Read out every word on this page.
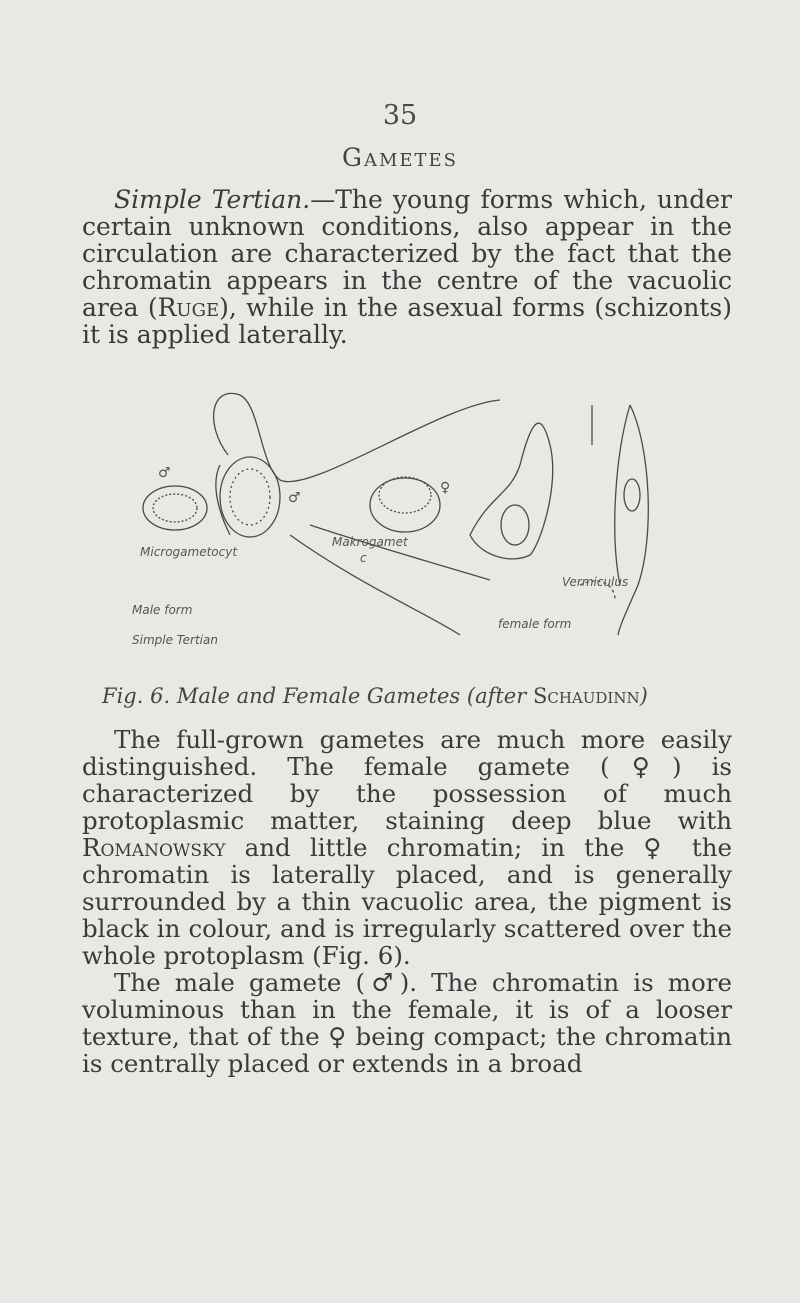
35
Gametes
Simple Tertian.—The young forms which, under certain unknown conditions, also appear in the circulation are characterized by the fact that the chromatin appears in the centre of the vacuolic area (Ruge), while in the asexual forms (schizonts) it is applied laterally.
♂
♀
♂
Microgametocyt
Makrogamet
c
Vermiculus
Male form
Simple Tertian
female form
Fig. 6. Male and Female Gametes (after Schaudinn)

The full-grown gametes are much more easily distinguished. The female gamete (♀) is characterized by the possession of much protoplasmic matter, staining deep blue with Romanowsky and little chromatin; in the ♀ the chromatin is laterally placed, and is generally surrounded by a thin vacuolic area, the pigment is black in colour, and is irregularly scattered over the whole protoplasm (Fig. 6).

The male gamete (♂). The chromatin is more voluminous than in the female, it is of a looser texture, that of the ♀ being compact; the chromatin is centrally placed or extends in a broad
